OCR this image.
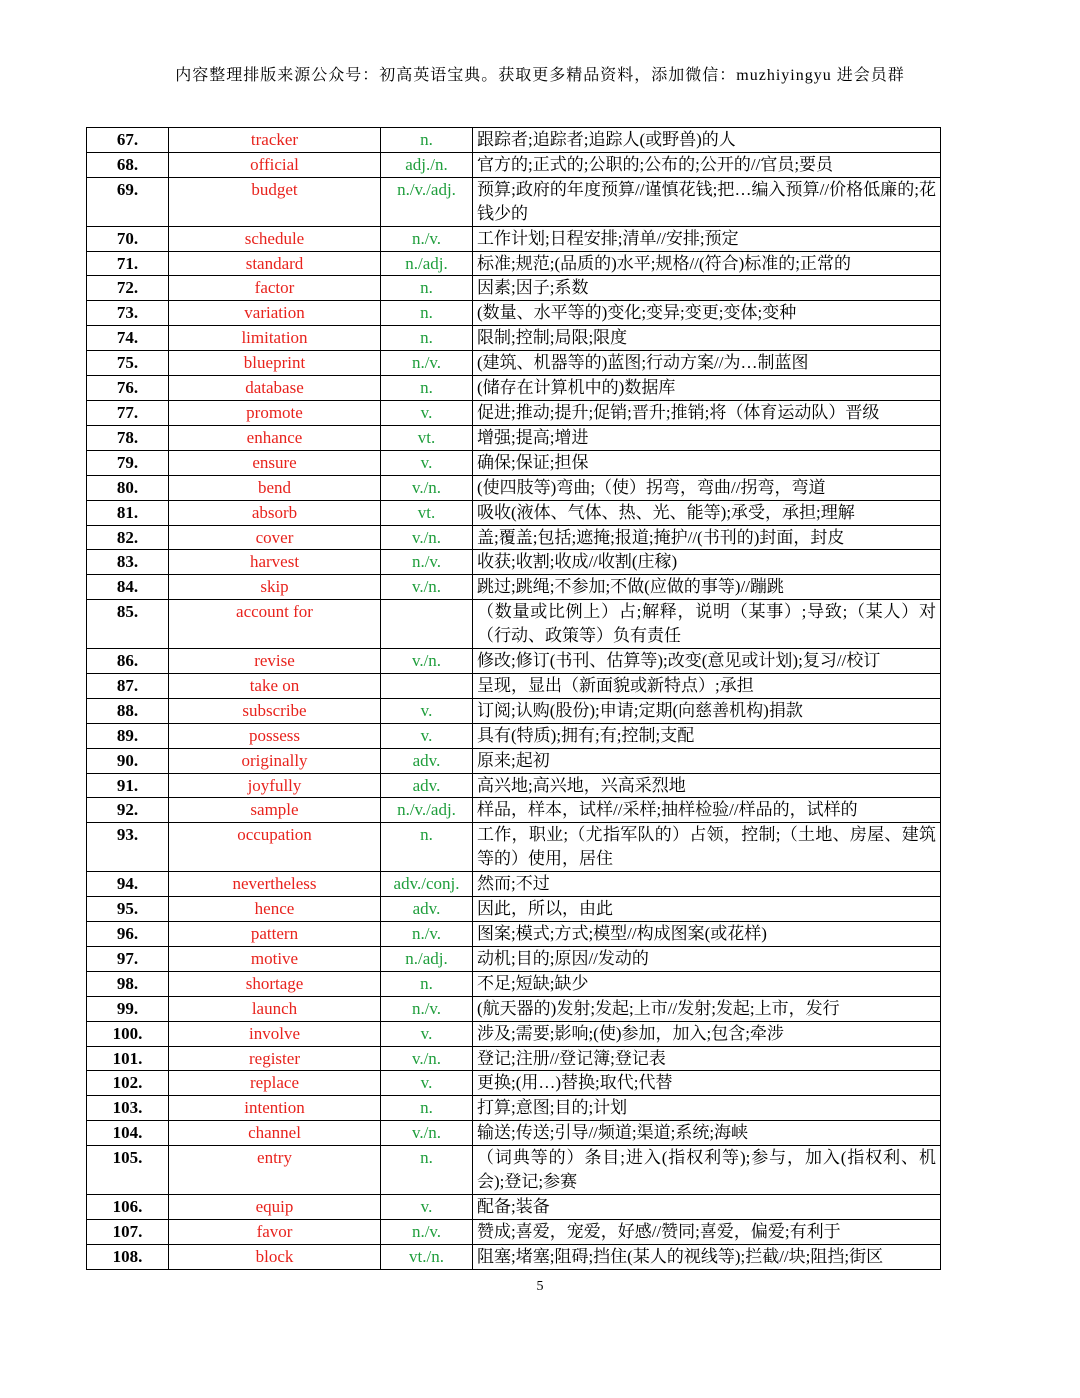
内容整理排版来源公众号：初高英语宝典。获取更多精品资料，添加微信：muzhiyingyu 进会员群
67.	tracker	n.	跟踪者;追踪者;追踪人(或野兽)的人
68.	official	adj./n.	官方的;正式的;公职的;公布的;公开的//官员;要员
69.	budget	n./v./adj.	预算;政府的年度预算//谨慎花钱;把…编入预算//价格低廉的;花钱少的
70.	schedule	n./v.	工作计划;日程安排;清单//安排;预定
71.	standard	n./adj.	标准;规范;(品质的)水平;规格//(符合)标准的;正常的
72.	factor	n.	因素;因子;系数
73.	variation	n.	(数量、水平等的)变化;变异;变更;变体;变种
74.	limitation	n.	限制;控制;局限;限度
75.	blueprint	n./v.	(建筑、机器等的)蓝图;行动方案//为…制蓝图
76.	database	n.	(储存在计算机中的)数据库
77.	promote	v.	促进;推动;提升;促销;晋升;推销;将（体育运动队）晋级
78.	enhance	vt.	增强;提高;增进
79.	ensure	v.	确保;保证;担保
80.	bend	v./n.	(使四肢等)弯曲;（使）拐弯，弯曲//拐弯，弯道
81.	absorb	vt.	吸收(液体、气体、热、光、能等);承受，承担;理解
82.	cover	v./n.	盖;覆盖;包括;遮掩;报道;掩护//(书刊的)封面，封皮
83.	harvest	n./v.	收获;收割;收成//收割(庄稼)
84.	skip	v./n.	跳过;跳绳;不参加;不做(应做的事等)//蹦跳
85.	account for		（数量或比例上）占;解释，说明（某事）;导致;（某人）对（行动、政策等）负有责任
86.	revise	v./n.	修改;修订(书刊、估算等);改变(意见或计划);复习//校订
87.	take on		呈现，显出（新面貌或新特点）;承担
88.	subscribe	v.	订阅;认购(股份);申请;定期(向慈善机构)捐款
89.	possess	v.	具有(特质);拥有;有;控制;支配
90.	originally	adv.	原来;起初
91.	joyfully	adv.	高兴地;高兴地，兴高采烈地
92.	sample	n./v./adj.	样品，样本，试样//采样;抽样检验//样品的，试样的
93.	occupation	n.	工作，职业;（尤指军队的）占领，控制;（土地、房屋、建筑等的）使用，居住
94.	nevertheless	adv./conj.	然而;不过
95.	hence	adv.	因此，所以，由此
96.	pattern	n./v.	图案;模式;方式;模型//构成图案(或花样)
97.	motive	n./adj.	动机;目的;原因//发动的
98.	shortage	n.	不足;短缺;缺少
99.	launch	n./v.	(航天器的)发射;发起;上市//发射;发起;上市，发行
100.	involve	v.	涉及;需要;影响;(使)参加，加入;包含;牵涉
101.	register	v./n.	登记;注册//登记簿;登记表
102.	replace	v.	更换;(用…)替换;取代;代替
103.	intention	n.	打算;意图;目的;计划
104.	channel	v./n.	输送;传送;引导//频道;渠道;系统;海峡
105.	entry	n.	（词典等的）条目;进入(指权利等);参与，加入(指权利、机会);登记;参赛
106.	equip	v.	配备;装备
107.	favor	n./v.	赞成;喜爱，宠爱，好感//赞同;喜爱，偏爱;有利于
108.	block	vt./n.	阻塞;堵塞;阻碍;挡住(某人的视线等);拦截//块;阻挡;街区
5
